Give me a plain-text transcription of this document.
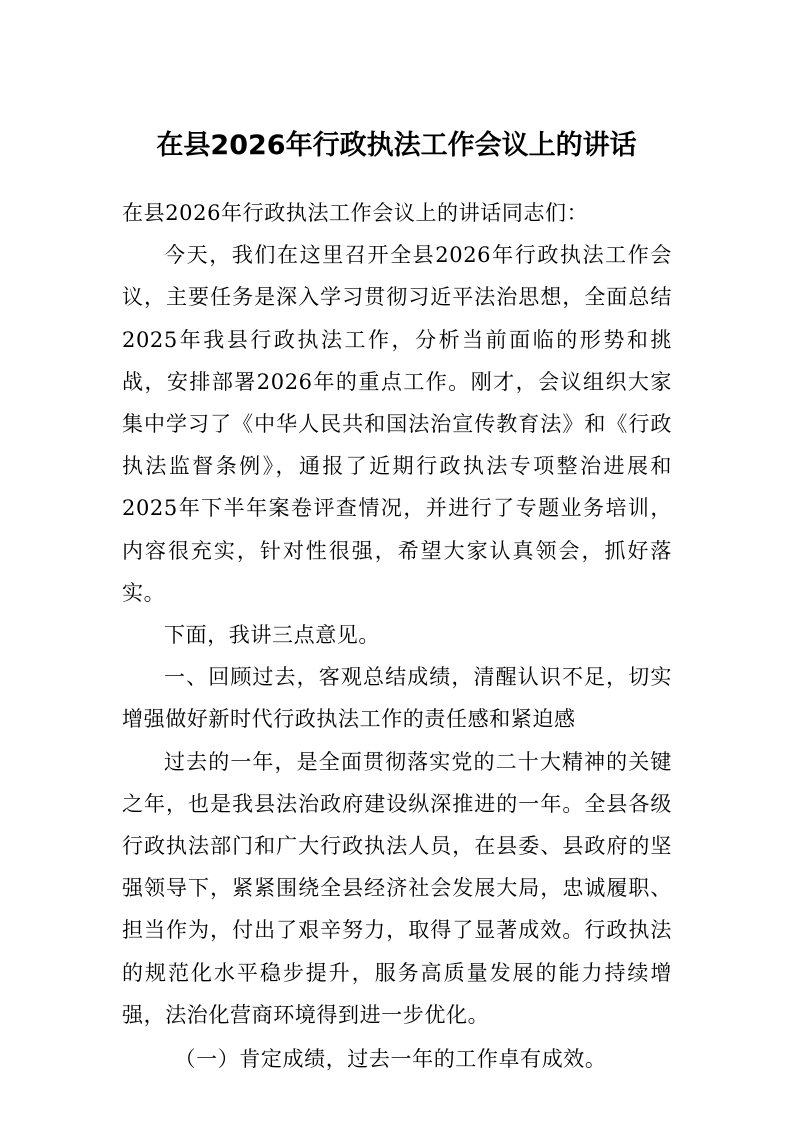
在县2026年行政执法工作会议上的讲话

在县2026年行政执法工作会议上的讲话同志们：

今天，我们在这里召开全县2026年行政执法工作会议，主要任务是深入学习贯彻习近平法治思想，全面总结2025年我县行政执法工作，分析当前面临的形势和挑战，安排部署2026年的重点工作。刚才，会议组织大家集中学习了《中华人民共和国法治宣传教育法》和《行政执法监督条例》，通报了近期行政执法专项整治进展和2025年下半年案卷评查情况，并进行了专题业务培训，内容很充实，针对性很强，希望大家认真领会，抓好落实。

下面，我讲三点意见。

一、回顾过去，客观总结成绩，清醒认识不足，切实增强做好新时代行政执法工作的责任感和紧迫感

过去的一年，是全面贯彻落实党的二十大精神的关键之年，也是我县法治政府建设纵深推进的一年。全县各级行政执法部门和广大行政执法人员，在县委、县政府的坚强领导下，紧紧围绕全县经济社会发展大局，忠诚履职、担当作为，付出了艰辛努力，取得了显著成效。行政执法的规范化水平稳步提升，服务高质量发展的能力持续增强，法治化营商环境得到进一步优化。

（一）肯定成绩，过去一年的工作卓有成效。
